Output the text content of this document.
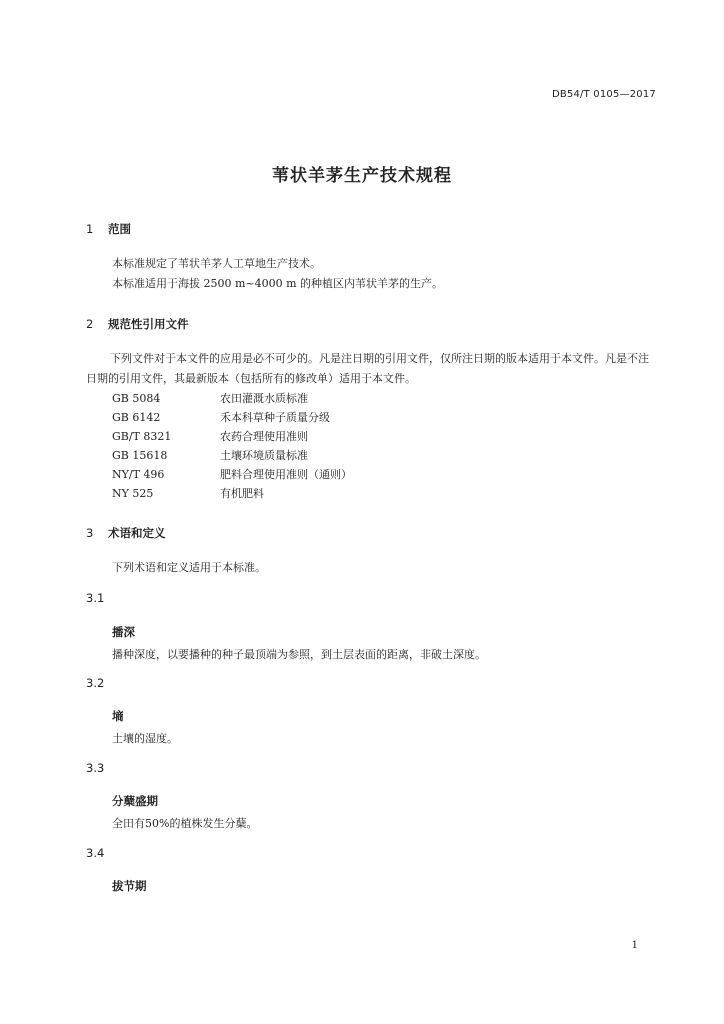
DB54/T 0105—2017
苇状羊茅生产技术规程
1 范围
本标准规定了苇状羊茅人工草地生产技术。
本标准适用于海拔 2500 m~4000 m 的种植区内苇状羊茅的生产。
2 规范性引用文件
下列文件对于本文件的应用是必不可少的。凡是注日期的引用文件，仅所注日期的版本适用于本文件。凡是不注日期的引用文件，其最新版本（包括所有的修改单）适用于本文件。
GB 5084	农田灌溉水质标准
GB 6142	禾本科草种子质量分级
GB/T 8321	农药合理使用准则
GB 15618	土壤环境质量标准
NY/T 496	肥料合理使用准则（通则）
NY 525	有机肥料
3 术语和定义
下列术语和定义适用于本标准。
3.1
播深
播种深度，以要播种的种子最顶端为参照，到土层表面的距离，非破土深度。
3.2
墒
土壤的湿度。
3.3
分蘖盛期
全田有50%的植株发生分蘖。
3.4
拔节期
1
